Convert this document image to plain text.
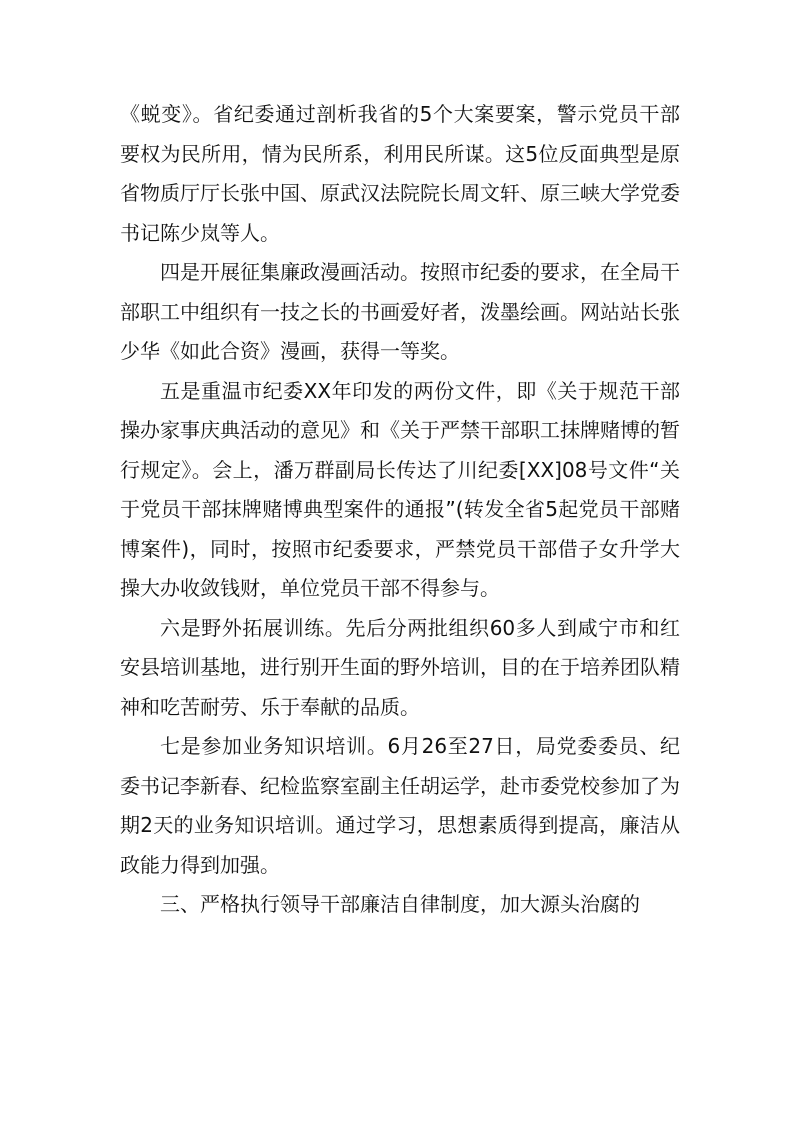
《蜕变》。省纪委通过剖析我省的5个大案要案，警示党员干部要权为民所用，情为民所系，利用民所谋。这5位反面典型是原省物质厅厅长张中国、原武汉法院院长周文轩、原三峡大学党委书记陈少岚等人。

四是开展征集廉政漫画活动。按照市纪委的要求，在全局干部职工中组织有一技之长的书画爱好者，泼墨绘画。网站站长张少华《如此合资》漫画，获得一等奖。

五是重温市纪委XX年印发的两份文件，即《关于规范干部操办家事庆典活动的意见》和《关于严禁干部职工抹牌赌博的暂行规定》。会上，潘万群副局长传达了川纪委[XX]08号文件“关于党员干部抹牌赌博典型案件的通报”(转发全省5起党员干部赌博案件)，同时，按照市纪委要求，严禁党员干部借子女升学大操大办收敛钱财，单位党员干部不得参与。

六是野外拓展训练。先后分两批组织60多人到咸宁市和红安县培训基地，进行别开生面的野外培训，目的在于培养团队精神和吃苦耐劳、乐于奉献的品质。

七是参加业务知识培训。6月26至27日，局党委委员、纪委书记李新春、纪检监察室副主任胡运学，赴市委党校参加了为期2天的业务知识培训。通过学习，思想素质得到提高，廉洁从政能力得到加强。

三、严格执行领导干部廉洁自律制度，加大源头治腐的
